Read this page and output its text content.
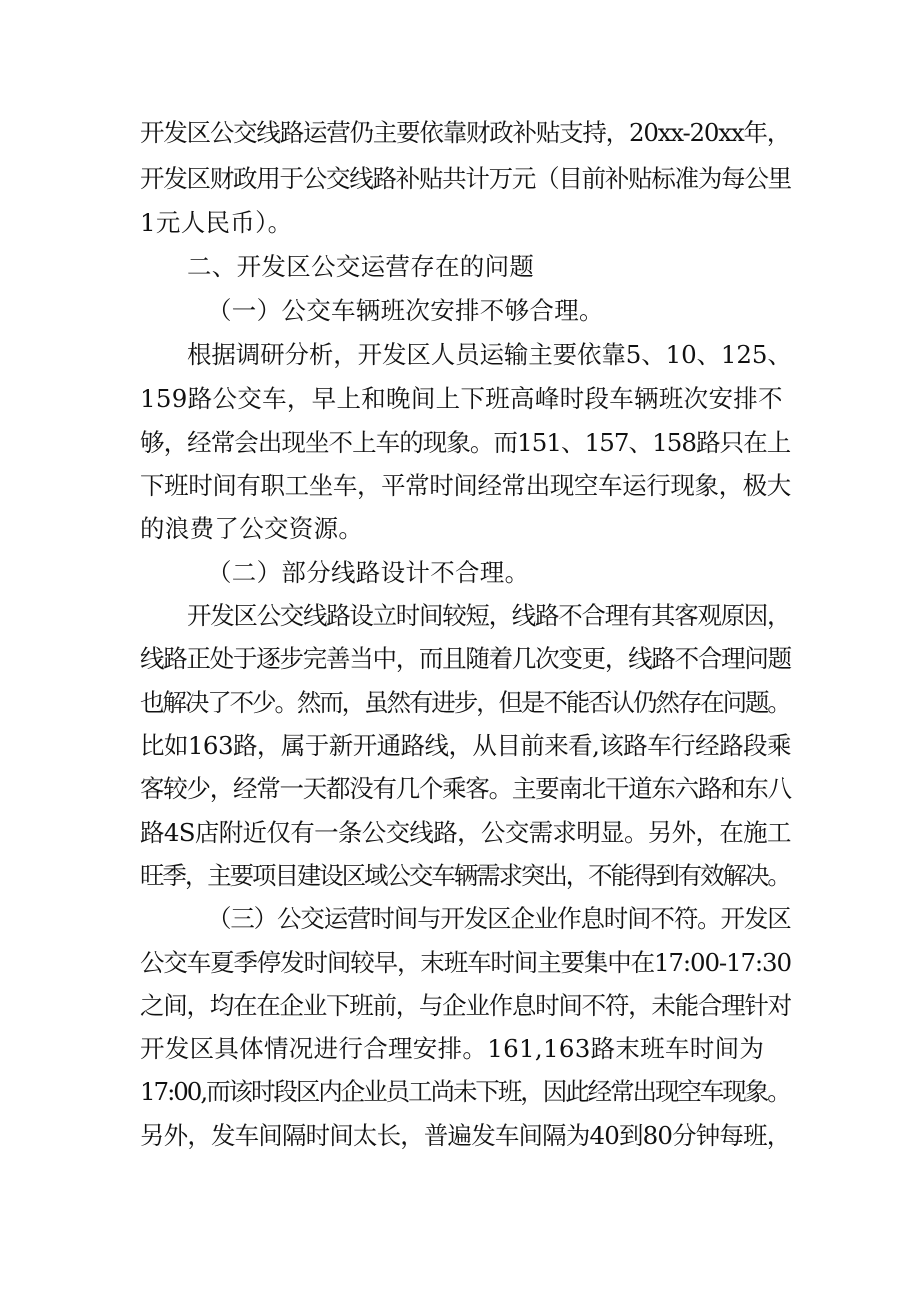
开发区公交线路运营仍主要依靠财政补贴支持，20xx-20xx年，
开发区财政用于公交线路补贴共计万元（目前补贴标准为每公里
1元人民币）。
二、开发区公交运营存在的问题
（一）公交车辆班次安排不够合理。
根据调研分析，开发区人员运输主要依靠5、10、125、
159路公交车，早上和晚间上下班高峰时段车辆班次安排不
够，经常会出现坐不上车的现象。而151、157、158路只在上
下班时间有职工坐车，平常时间经常出现空车运行现象，极大
的浪费了公交资源。
（二）部分线路设计不合理。
开发区公交线路设立时间较短，线路不合理有其客观原因，
线路正处于逐步完善当中，而且随着几次变更，线路不合理问题
也解决了不少。然而，虽然有进步，但是不能否认仍然存在问题。
比如163路，属于新开通路线，从目前来看,该路车行经路段乘
客较少，经常一天都没有几个乘客。主要南北干道东六路和东八
路4S店附近仅有一条公交线路，公交需求明显。另外，在施工
旺季，主要项目建设区域公交车辆需求突出，不能得到有效解决。
（三）公交运营时间与开发区企业作息时间不符。开发区
公交车夏季停发时间较早，末班车时间主要集中在17:00-17:30
之间，均在在企业下班前，与企业作息时间不符，未能合理针对
开发区具体情况进行合理安排。161,163路末班车时间为
17:00,而该时段区内企业员工尚未下班，因此经常出现空车现象。
另外，发车间隔时间太长，普遍发车间隔为40到80分钟每班，
